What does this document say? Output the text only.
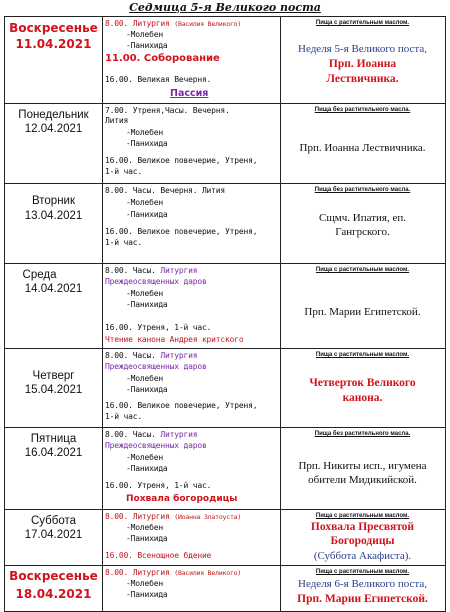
Седмица 5-я Великого поста
Воскресенье
11.04.2021
8.00. Литургия (Василия Великого)
-Молебен
-Панихида
11.00. Соборование
16.00. Великая Вечерня.
Пассия
Пища с растительным маслом.
Неделя 5-я Великого поста,
Прп. Иоанна
Лествичника.
Понедельник
12.04.2021
7.00. Утреня,Часы. Вечерня.
Лития
-Молебен
-Панихида
16.00. Великое повечерие, Утреня,
1-й час.
Пища без растительного масла.
Прп. Иоанна Лествичника.
Вторник
13.04.2021
8.00. Часы. Вечерня. Лития
-Молебен
-Панихида
16.00. Великое повечерие, Утреня,
1-й час.
Пища без растительного масла.
Сщмч. Ипатия, еп.
Гангрского.
Среда
14.04.2021
8.00. Часы. Литургия
Преждеосвященных даров
-Молебен
-Панихида
16.00. Утреня, 1-й час.
Чтение канона Андрея критского
Пища с растительным маслом.
Прп. Марии Египетской.
Четверг
15.04.2021
8.00. Часы. Литургия
Преждеосвященных даров
-Молебен
-Панихида
16.00. Великое повечерие, Утреня,
1-й час.
Пища с растительным маслом.
Четверток Великого
канона.
Пятница
16.04.2021
8.00. Часы. Литургия
Преждеосвященных даров
-Молебен
-Панихида
16.00. Утреня, 1-й час.
Похвала богородицы
Пища без растительного масла.
Прп. Никиты исп., игумена
обители Мидикийской.
Суббота
17.04.2021
8.00. Литургия (Иоанна Златоуста)
-Молебен
-Панихида
16.00. Всенощное бдение
Пища с растительным маслом.
Похвала Пресвятой
Богородицы
(Суббота Акафиста).
Воскресенье
18.04.2021
8.00. Литургия (Василия Великого)
-Молебен
-Панихида
Пища с растительным маслом.
Неделя 6-я Великого поста,
Прп. Марии Египетской.
